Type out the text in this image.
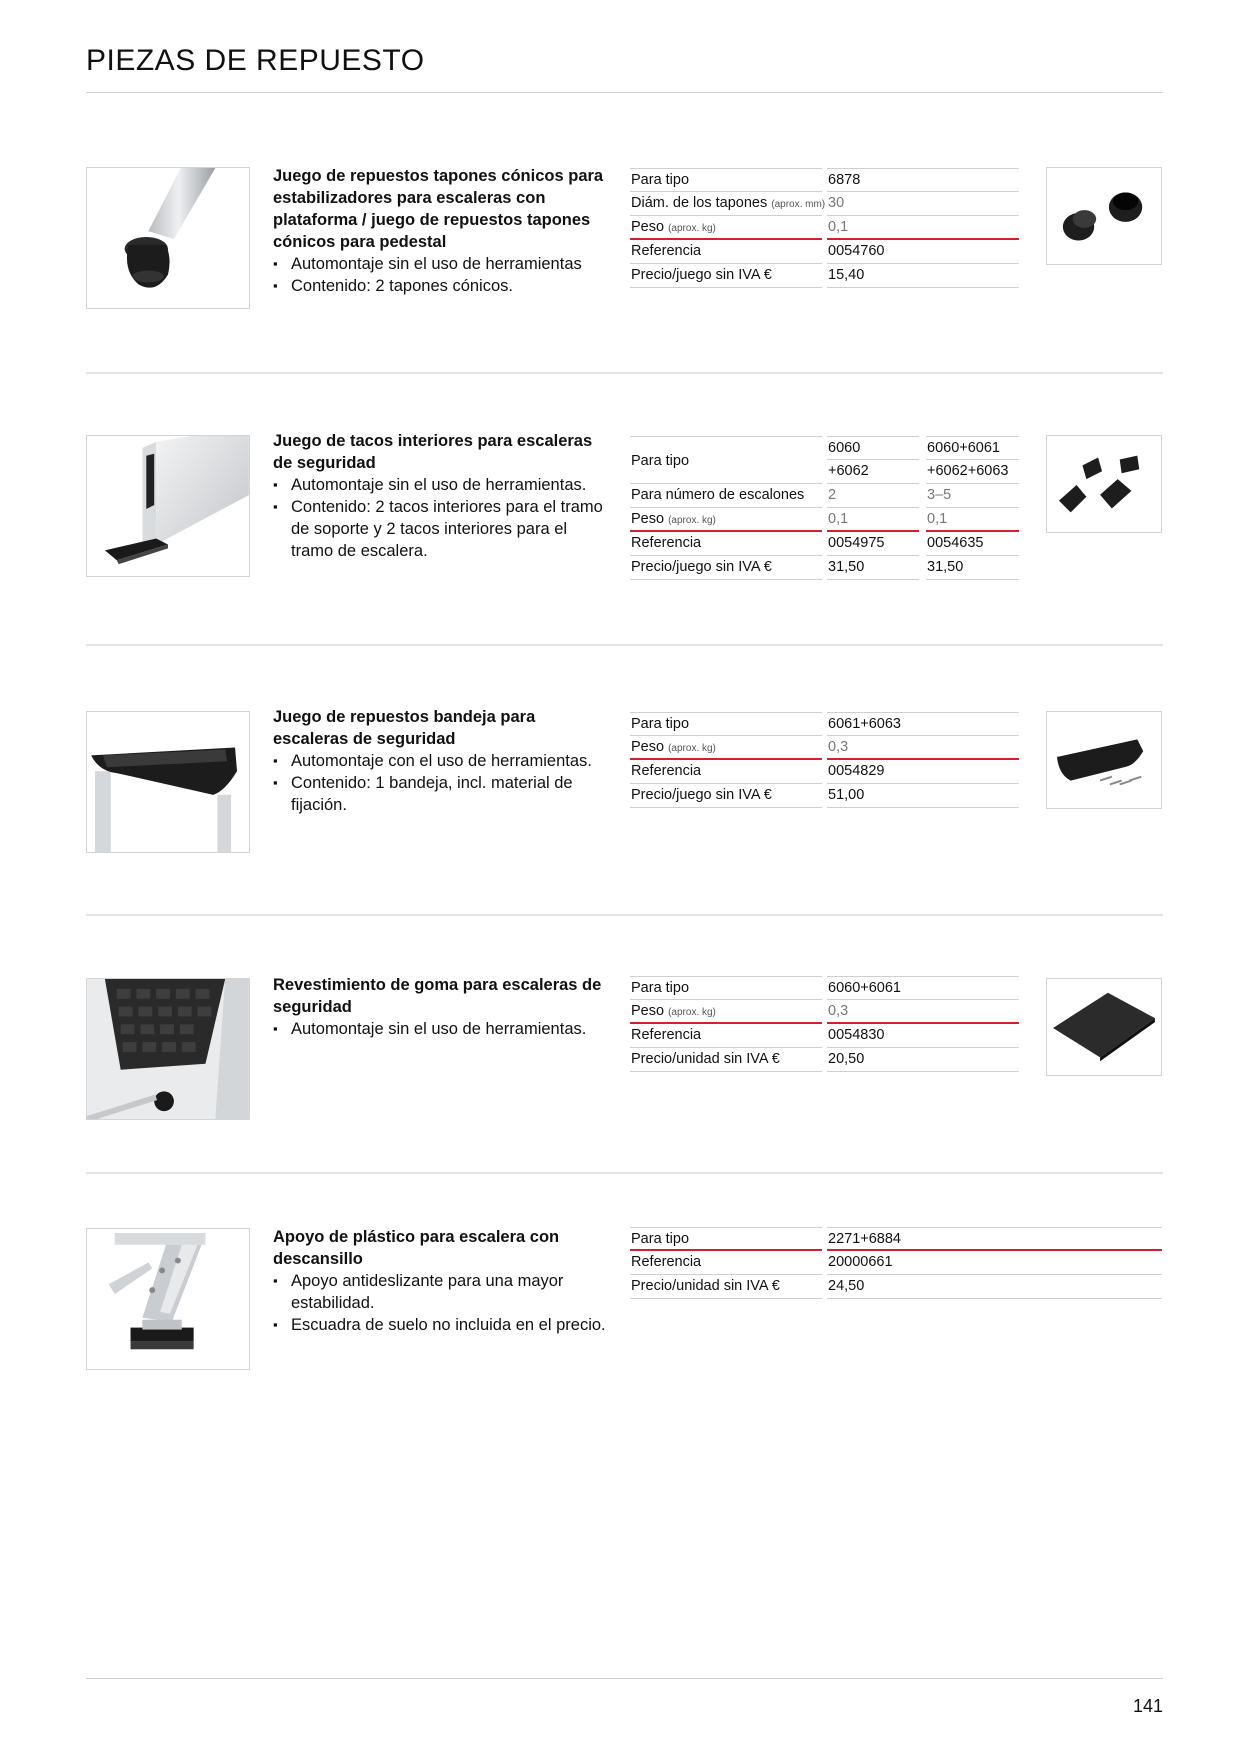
PIEZAS DE REPUESTO
Juego de repuestos tapones cónicos para estabilizadores para escaleras con plataforma / juego de repuestos tapones cónicos para pedestal
▪ Automontaje sin el uso de herramientas
▪ Contenido: 2 tapones cónicos.
Para tipo	6878
Diám. de los tapones (aprox. mm) 30
Peso (aprox. kg)	0,1
Referencia	0054760
Precio/juego sin IVA €	15,40
Juego de tacos interiores para escaleras de seguridad
▪ Automontaje sin el uso de herramientas.
▪ Contenido: 2 tacos interiores para el tramo de soporte y 2 tacos interiores para el tramo de escalera.
Para tipo
6060	6060+6061
+6062	+6062+6063
Para número de escalones	2	3–5
Peso (aprox. kg)	0,1	0,1
Referencia	0054975	0054635
Precio/juego sin IVA €	31,50	31,50
Juego de repuestos bandeja para escaleras de seguridad
▪ Automontaje con el uso de herramientas.
▪ Contenido: 1 bandeja, incl. material de fijación.
Para tipo	6061+6063
Peso (aprox. kg)	0,3
Referencia	0054829
Precio/juego sin IVA €	51,00
Revestimiento de goma para escaleras de seguridad
▪ Automontaje sin el uso de herramientas.
Para tipo	6060+6061
Peso (aprox. kg)	0,3
Referencia	0054830
Precio/unidad sin IVA €	20,50
Apoyo de plástico para escalera con descansillo
▪ Apoyo antideslizante para una mayor estabilidad.
▪ Escuadra de suelo no incluida en el precio.
Para tipo	2271+6884
Referencia	20000661
Precio/unidad sin IVA €	24,50
141
